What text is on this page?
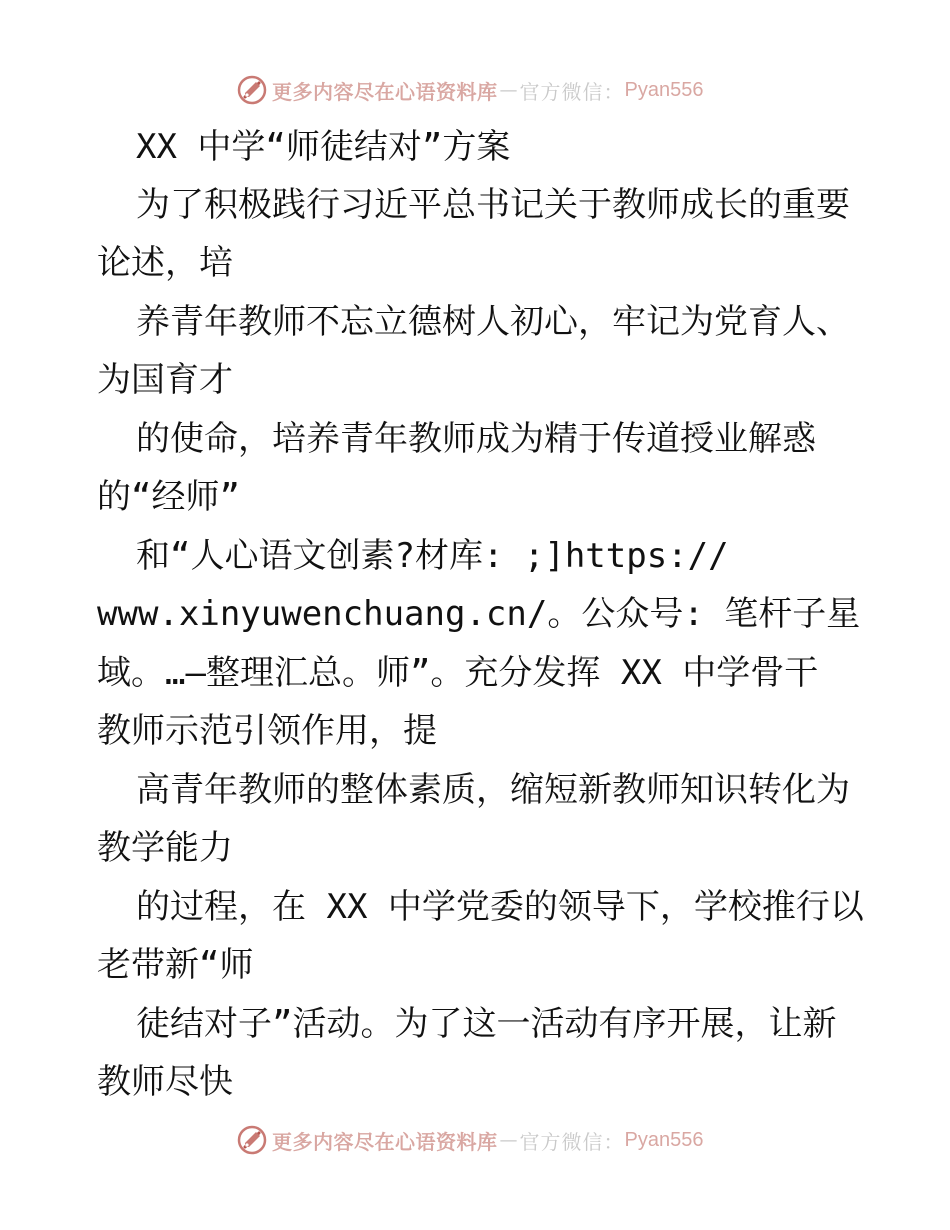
更多内容尽在心语资料库 — 官方微信： Pyan556
XX 中学“师徒结对”方案
为了积极践行习近平总书记关于教师成长的重要
论述，培
养青年教师不忘立德树人初心，牢记为党育人、
为国育才
的使命，培养青年教师成为精于传道授业解惑
的“经师”
和“人心语文创素?材库: ;]https://
www.xinyuwenchuang.cn/。公众号: 笔杆子星
域。…—整理汇总。师”。充分发挥 XX 中学骨干
教师示范引领作用，提
高青年教师的整体素质，缩短新教师知识转化为
教学能力
的过程，在 XX 中学党委的领导下，学校推行以
老带新“师
徒结对子”活动。为了这一活动有序开展，让新
教师尽快
更多内容尽在心语资料库 — 官方微信： Pyan556
